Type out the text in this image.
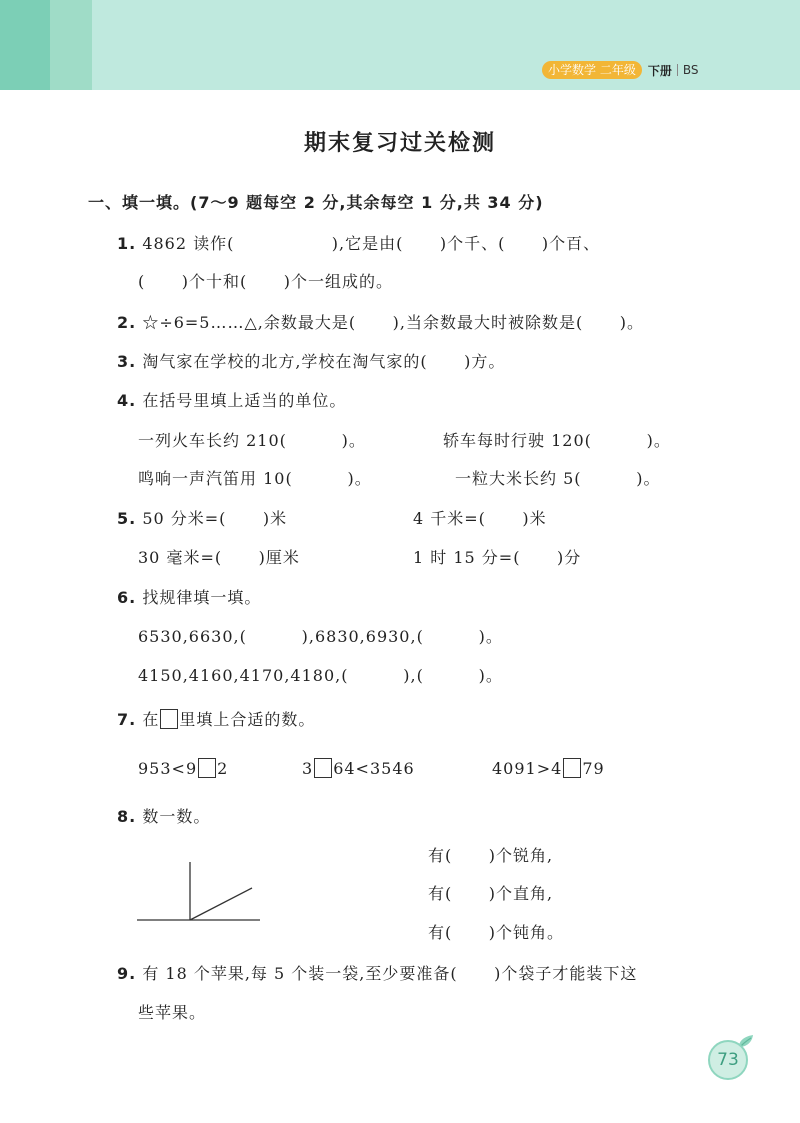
小学数学 二年级	下册 BS
期末复习过关检测
一、填一填。(7～9 题每空 2 分,其余每空 1 分,共 34 分)
1. 4862 读作(                ),它是由(      )个千、(      )个百、
(      )个十和(      )个一组成的。
2. ☆÷6=5……△,余数最大是(      ),当余数最大时被除数是(      )。
3. 淘气家在学校的北方,学校在淘气家的(      )方。
4. 在括号里填上适当的单位。
一列火车长约 210(         )。	轿车每时行驶 120(         )。
鸣响一声汽笛用 10(         )。	一粒大米长约 5(         )。
5. 50 分米=(      )米	4 千米=(      )米
30 毫米=(      )厘米	1 时 15 分=(      )分
6. 找规律填一填。
6530,6630,(         ),6830,6930,(         )。
4150,4160,4170,4180,(         ),(         )。
7. 在 里填上合适的数。
953<9 2	3 64<3546	4091>4 79
8. 数一数。
有(      )个锐角,
有(      )个直角,
有(      )个钝角。
9. 有 18 个苹果,每 5 个装一袋,至少要准备(      )个袋子才能装下这
些苹果。
73
